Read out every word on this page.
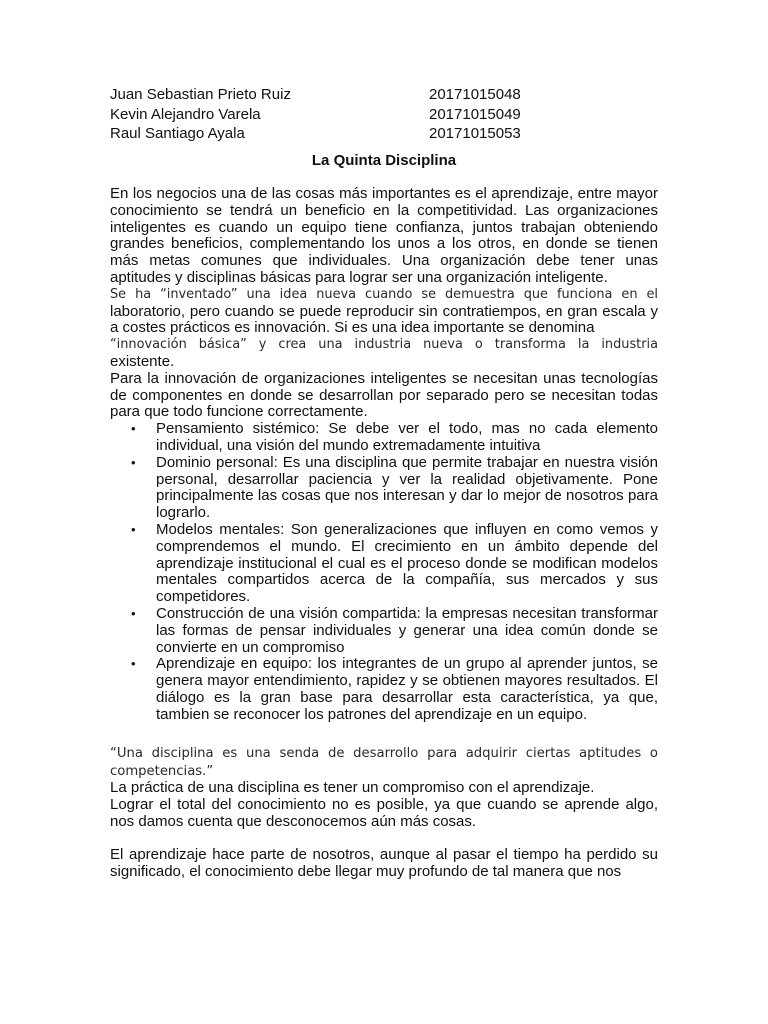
Juan Sebastian Prieto Ruiz	20171015048
Kevin Alejandro Varela	20171015049
Raul Santiago Ayala	20171015053
La Quinta Disciplina

En los negocios una de las cosas más importantes es el aprendizaje, entre mayor conocimiento se tendrá un beneficio en la competitividad. Las organizaciones inteligentes es cuando un equipo tiene confianza, juntos trabajan obteniendo grandes beneficios, complementando los unos a los otros, en donde se tienen más metas comunes que individuales. Una organización debe tener unas aptitudes y disciplinas básicas para lograr ser una organización inteligente.

Se ha “inventado” una idea nueva cuando se demuestra que funciona en el

laboratorio, pero cuando se puede reproducir sin contratiempos, en gran escala y a costes prácticos es innovación. Si es una idea importante se denomina

“innovación básica” y crea una industria nueva o transforma la industria

existente.

Para la innovación de organizaciones inteligentes se necesitan unas tecnologías de componentes en donde se desarrollan por separado pero se necesitan todas para que todo funcione correctamente.

• Pensamiento sistémico: Se debe ver el todo, mas no cada elemento individual, una visión del mundo extremadamente intuitiva
• Dominio personal: Es una disciplina que permite trabajar en nuestra visión personal, desarrollar paciencia y ver la realidad objetivamente. Pone principalmente las cosas que nos interesan y dar lo mejor de nosotros para lograrlo.
• Modelos mentales: Son generalizaciones que influyen en como vemos y comprendemos el mundo. El crecimiento en un ámbito depende del aprendizaje institucional el cual es el proceso donde se modifican modelos mentales compartidos acerca de la compañía, sus mercados y sus competidores.
• Construcción de una visión compartida: la empresas necesitan transformar las formas de pensar individuales y generar una idea común donde se convierte en un compromiso
• Aprendizaje en equipo: los integrantes de un grupo al aprender juntos, se genera mayor entendimiento, rapidez y se obtienen mayores resultados. El diálogo es la gran base para desarrollar esta característica, ya que, tambien se reconocer los patrones del aprendizaje en un equipo.

“Una disciplina es una senda de desarrollo para adquirir ciertas aptitudes o competencias.”

La práctica de una disciplina es tener un compromiso con el aprendizaje.

Lograr el total del conocimiento no es posible, ya que cuando se aprende algo, nos damos cuenta que desconocemos aún más cosas.

El aprendizaje hace parte de nosotros, aunque al pasar el tiempo ha perdido su significado, el conocimiento debe llegar muy profundo de tal manera que nos
